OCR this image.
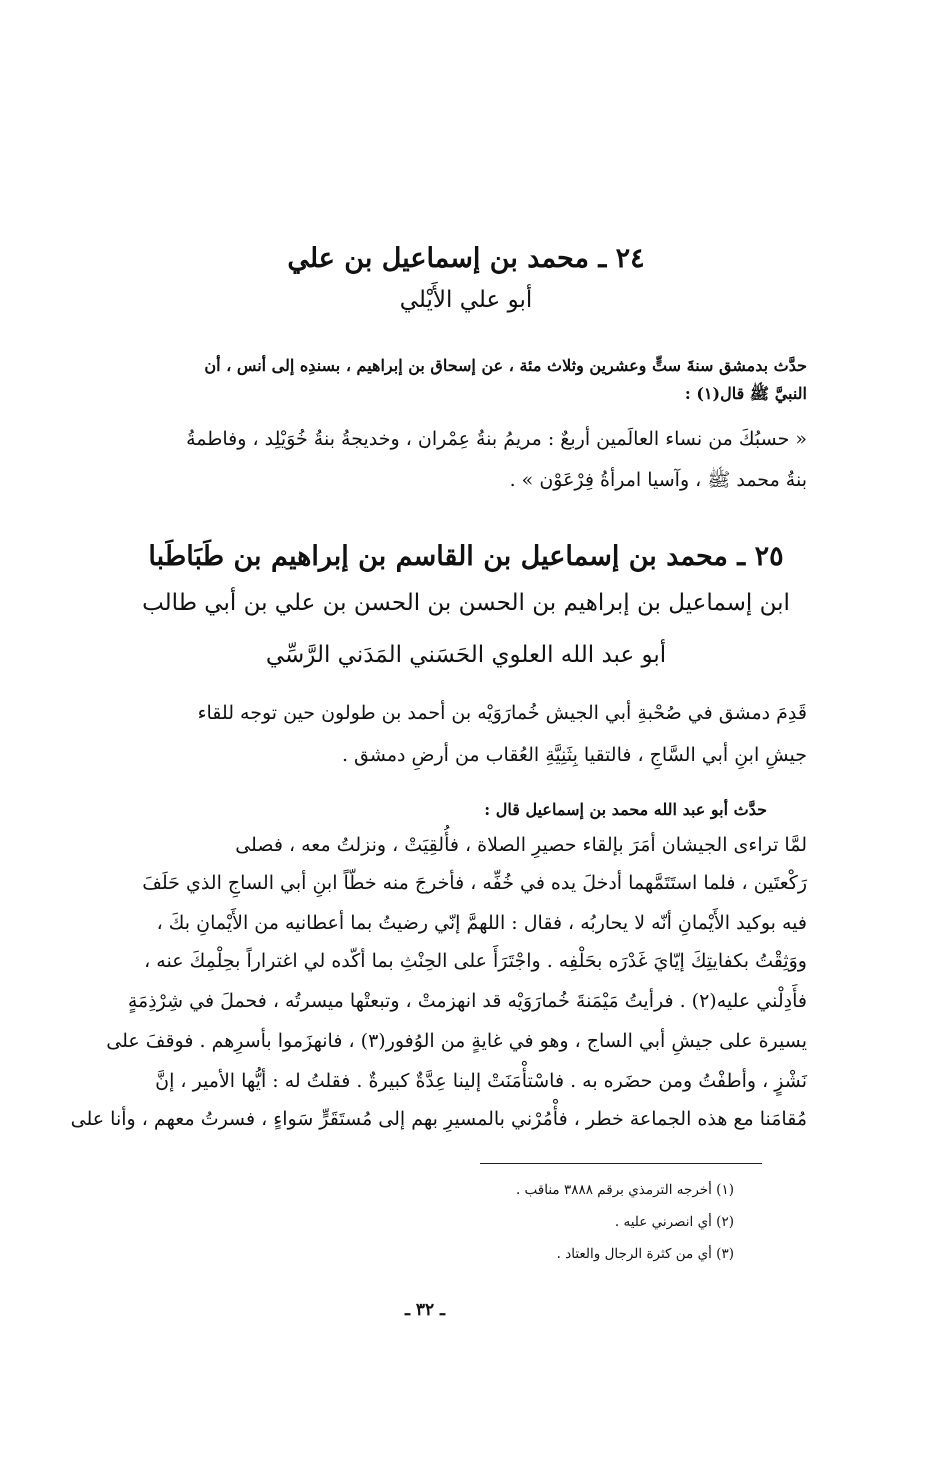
٢٤ ـ محمد بن إسماعيل بن علي
أبو علي الأَيْلي
حدَّث بدمشق سنةَ ستٍّ وعشرين وثلاث مئة ، عن إسحاق بن إبراهيم ، بسندِه إلى أنس ، أن
النبيَّ ﷺ قال(١) :
« حسبُكَ من نساء العالَمين أربعٌ : مريمُ بنةُ عِمْران ، وخديجةُ بنةُ خُوَيْلِد ، وفاطمةُ
بنةُ محمد ﷺ ، وآسيا امرأةُ فِرْعَوْن » .
٢٥ ـ محمد بن إسماعيل بن القاسم بن إبراهيم بن طَبَاطَبا
ابن إسماعيل بن إبراهيم بن الحسن بن الحسن بن علي بن أبي طالب
أبو عبد الله العلوي الحَسَني المَدَني الرَّسِّي
قَدِمَ دمشق في صُحْبةِ أبي الجيش خُمارَوَيْه بن أحمد بن طولون حين توجه للقاء
جيشِ ابنِ أبي السَّاجِ ، فالتقيا بِثَنِيَّةِ العُقاب من أرضِ دمشق .
حدَّث أبو عبد الله محمد بن إسماعيل قال :
لمَّا تراءى الجيشان أمَرَ بإلقاء حصيرِ الصلاة ، فأُلقِيَتْ ، ونزلتُ معه ، فصلى
رَكْعتَين ، فلما استَتَمَّهما أدخلَ يده في خُفِّه ، فأخرجَ منه خطّاً ابنِ أبي الساجِ الذي حَلَفَ
فيه بوكيد الأَيْمانِ أنّه لا يحاربُه ، فقال : اللهمَّ إنّي رضيتُ بما أعطانيه من الأَيْمانِ بكَ ،
ووَثِقْتُ بكفايتِكَ إيّايَ غَدْرَه بحَلْفِه . واجْتَرَأَ على الحِنْثِ بما أكّده لي اغتراراً بحِلْمِكَ عنه ،
فأَدِلْني عليه(٢) . فرأيتُ مَيْمَنةَ خُمارَوَيْه قد انهزمتْ ، وتبعتْها ميسرتُه ، فحملَ في شِرْذِمَةٍ
يسيرة على جيشِ أبي الساج ، وهو في غايةٍ من الوُفور(٣) ، فانهزَموا بأسرِهم . فوقفَ على
نَشْزٍ ، وأطفْتُ ومن حضَره به . فاسْتأْمَنَتْ إلينا عِدَّةٌ كبيرةٌ . فقلتُ له : أيُّها الأمير ، إنَّ
مُقامَنا مع هذه الجماعة خطر ، فأْمُرْني بالمسيرِ بهم إلى مُستَقَرٍّ سَواءٍ ، فسرتُ معهم ، وأنا على
(١) أخرجه الترمذي برقم ٣٨٨٨ مناقب .
(٢) أي انصرني عليه .
(٣) أي من كثرة الرجال والعتاد .
ـ ٣٢ ـ
